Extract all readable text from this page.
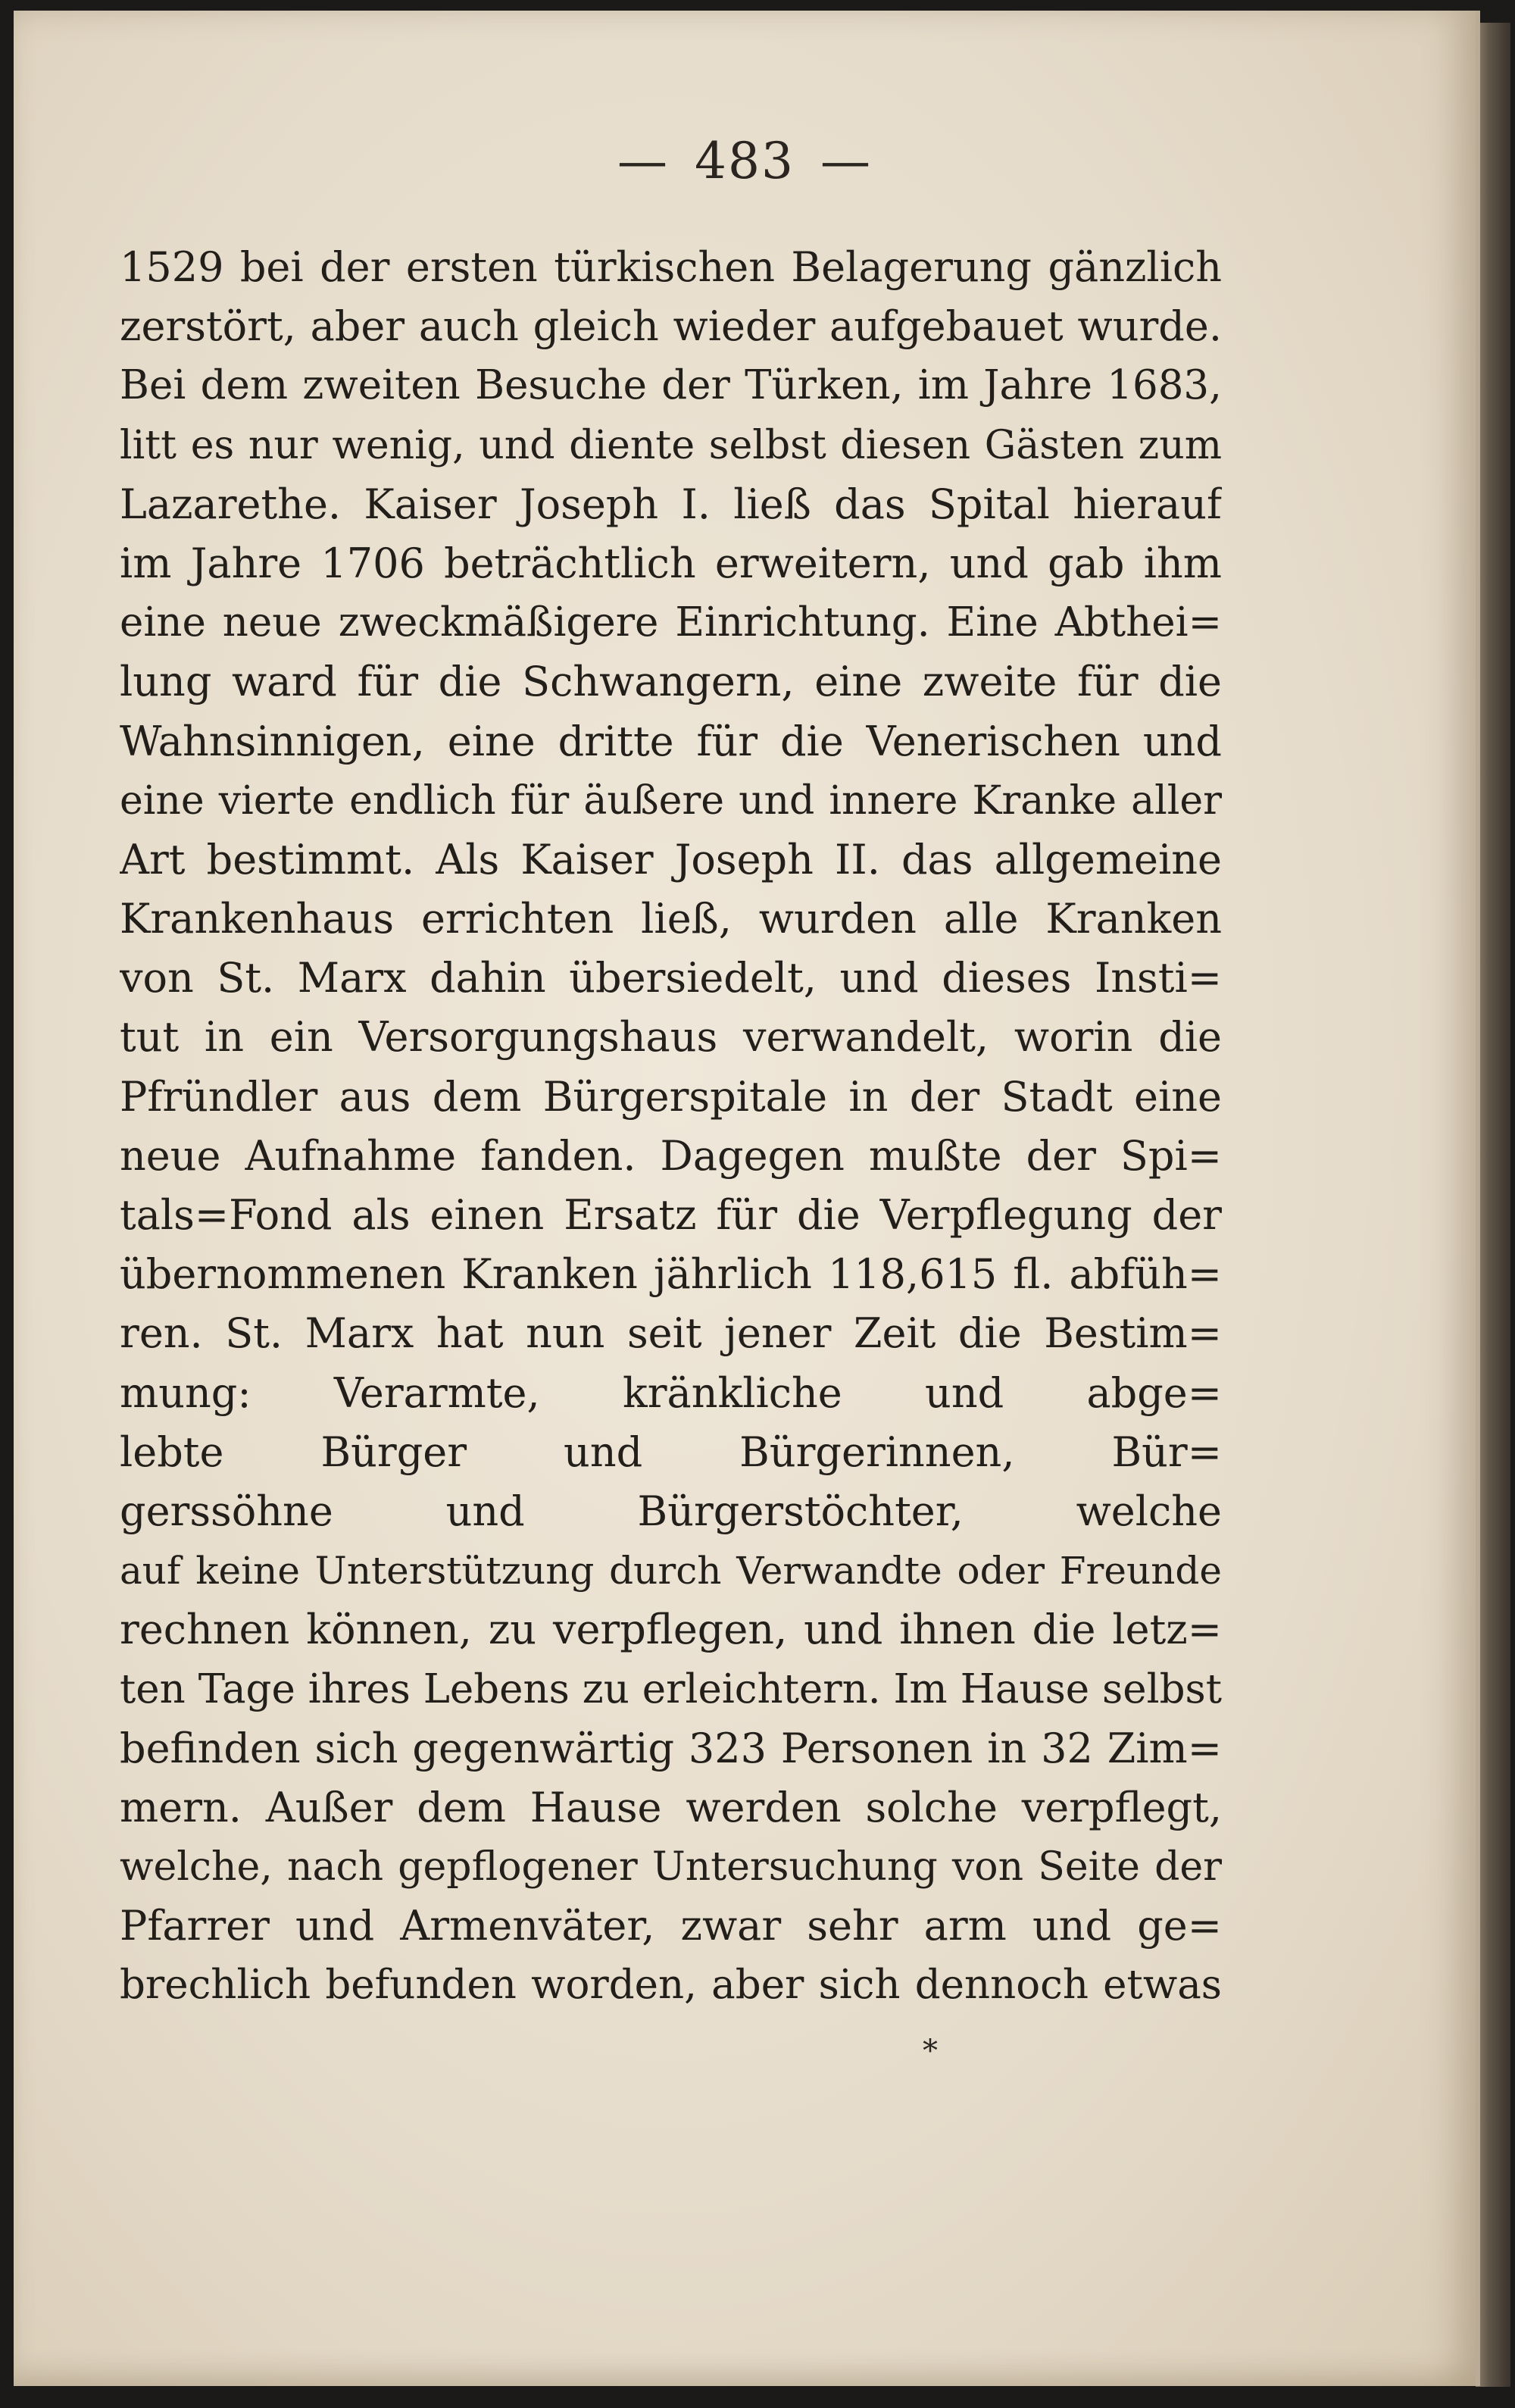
— 483 —
1529 bei der ersten türkischen Belagerung gänzlich
zerstört, aber auch gleich wieder aufgebauet wurde.
Bei dem zweiten Besuche der Türken, im Jahre 1683,
litt es nur wenig, und diente selbst diesen Gästen zum
Lazarethe. Kaiser Joseph I. ließ das Spital hierauf
im Jahre 1706 beträchtlich erweitern, und gab ihm
eine neue zweckmäßigere Einrichtung. Eine Abthei=
lung ward für die Schwangern, eine zweite für die
Wahnsinnigen, eine dritte für die Venerischen und
eine vierte endlich für äußere und innere Kranke aller
Art bestimmt. Als Kaiser Joseph II. das allgemeine
Krankenhaus errichten ließ, wurden alle Kranken
von St. Marx dahin übersiedelt, und dieses Insti=
tut in ein Versorgungshaus verwandelt, worin die
Pfründler aus dem Bürgerspitale in der Stadt eine
neue Aufnahme fanden. Dagegen mußte der Spi=
tals=Fond als einen Ersatz für die Verpflegung der
übernommenen Kranken jährlich 118,615 fl. abfüh=
ren. St. Marx hat nun seit jener Zeit die Bestim=
mung: Verarmte, kränkliche und abge=
lebte Bürger und Bürgerinnen, Bür=
gerssöhne und Bürgerstöchter, welche
auf keine Unterstützung durch Verwandte oder Freunde
rechnen können, zu verpflegen, und ihnen die letz=
ten Tage ihres Lebens zu erleichtern. Im Hause selbst
befinden sich gegenwärtig 323 Personen in 32 Zim=
mern. Außer dem Hause werden solche verpflegt,
welche, nach gepflogener Untersuchung von Seite der
Pfarrer und Armenväter, zwar sehr arm und ge=
brechlich befunden worden, aber sich dennoch etwas
*
